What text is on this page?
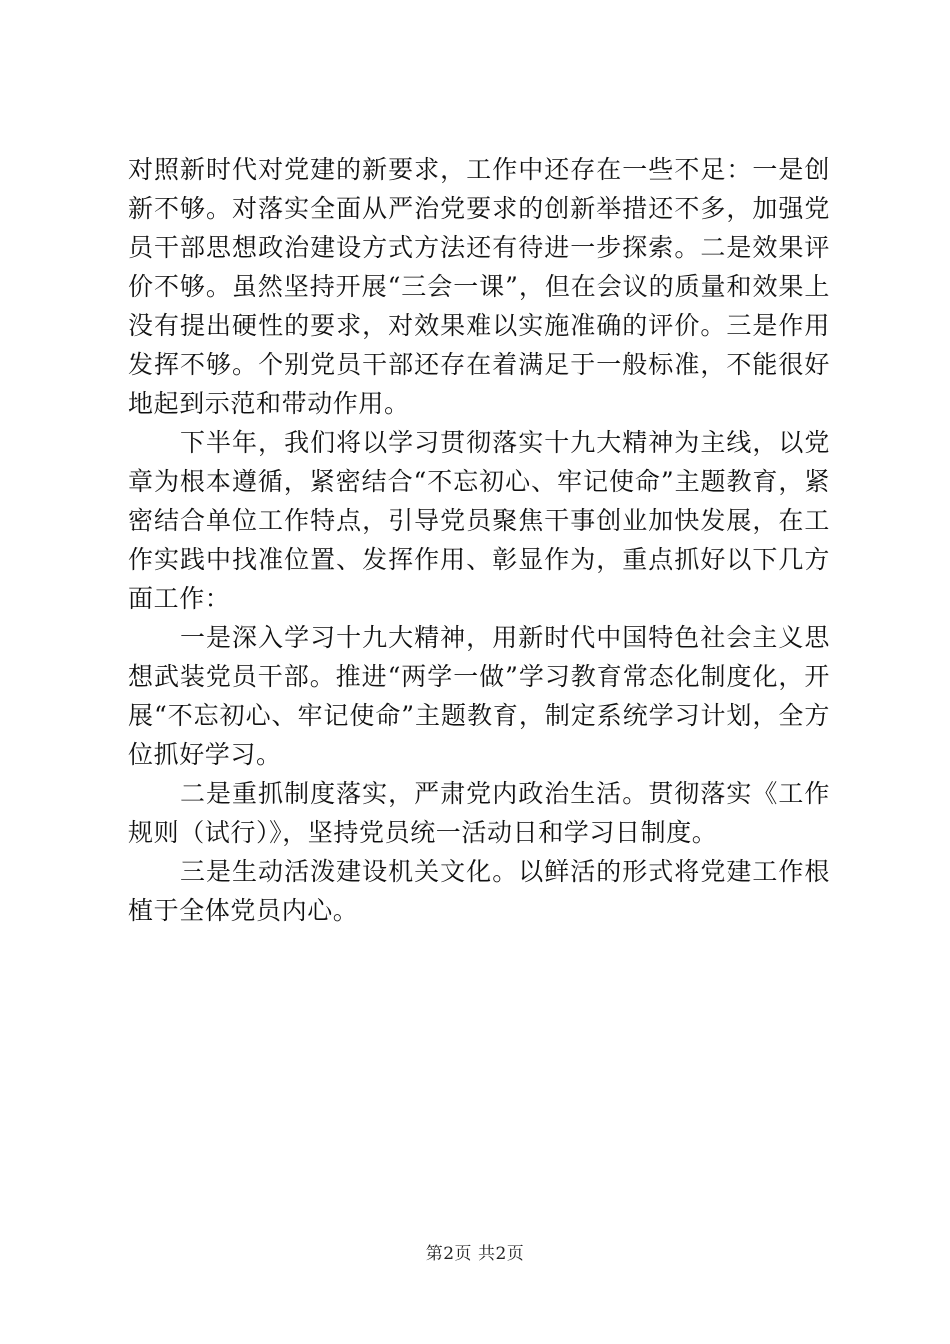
对照新时代对党建的新要求，工作中还存在一些不足：一是创新不够。对落实全面从严治党要求的创新举措还不多，加强党员干部思想政治建设方式方法还有待进一步探索。二是效果评价不够。虽然坚持开展“三会一课”，但在会议的质量和效果上没有提出硬性的要求，对效果难以实施准确的评价。三是作用发挥不够。个别党员干部还存在着满足于一般标准，不能很好地起到示范和带动作用。

下半年，我们将以学习贯彻落实十九大精神为主线，以党章为根本遵循，紧密结合“不忘初心、牢记使命”主题教育，紧密结合单位工作特点，引导党员聚焦干事创业加快发展，在工作实践中找准位置、发挥作用、彰显作为，重点抓好以下几方面工作：

一是深入学习十九大精神，用新时代中国特色社会主义思想武装党员干部。推进“两学一做”学习教育常态化制度化，开展“不忘初心、牢记使命”主题教育，制定系统学习计划，全方位抓好学习。

二是重抓制度落实，严肃党内政治生活。贯彻落实《工作规则（试行）》，坚持党员统一活动日和学习日制度。

三是生动活泼建设机关文化。以鲜活的形式将党建工作根植于全体党员内心。

第2页 共2页
